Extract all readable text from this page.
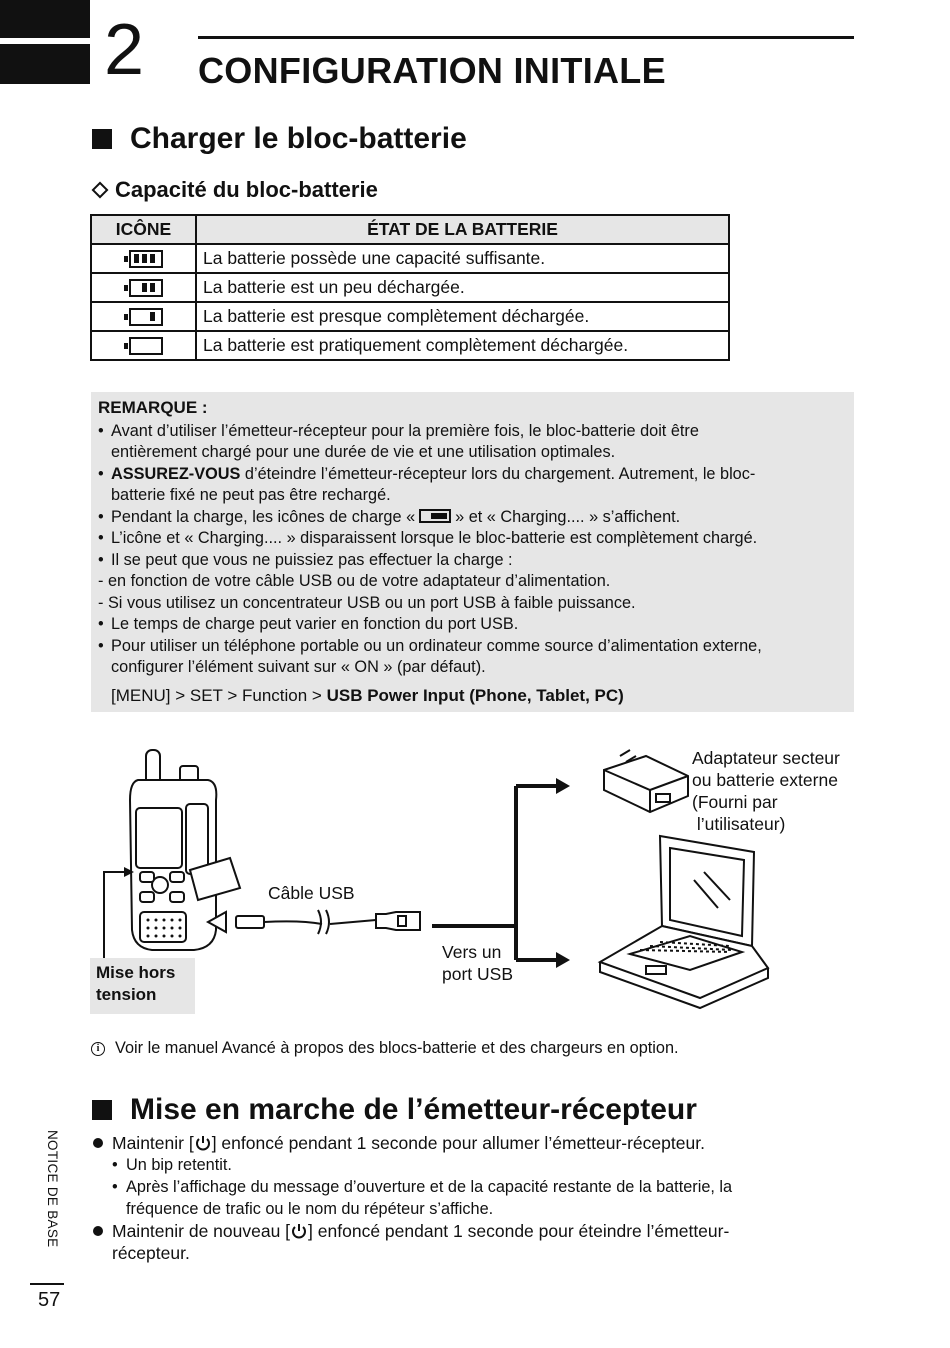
2 CONFIGURATION INITIALE
Charger le bloc-batterie
Capacité du bloc-batterie
ICÔNE	ÉTAT DE LA BATTERIE

	La batterie possède une capacité suffisante.

	La batterie est un peu déchargée.

	La batterie est presque complètement déchargée.
	La batterie est pratiquement complètement déchargée.
REMARQUE :
• Avant d’utiliser l’émetteur-récepteur pour la première fois, le bloc-batterie doit être
entièrement chargé pour une durée de vie et une utilisation optimales.
• ASSUREZ-VOUS d’éteindre l’émetteur-récepteur lors du chargement. Autrement, le bloc-
batterie fixé ne peut pas être rechargé.
• Pendant la charge, les icônes de charge « » et « Charging.... » s’affichent.
• L’icône et « Charging.... » disparaissent lorsque le bloc-batterie est complètement chargé.
• Il se peut que vous ne puissiez pas effectuer la charge :
- en fonction de votre câble USB ou de votre adaptateur d’alimentation.
- Si vous utilisez un concentrateur USB ou un port USB à faible puissance.
• Le temps de charge peut varier en fonction du port USB.
• Pour utiliser un téléphone portable ou un ordinateur comme source d’alimentation externe,
configurer l’élément suivant sur « ON » (par défaut).
[MENU] > SET > Function > USB Power Input (Phone, Tablet, PC)
Adaptateur secteur
ou batterie externe
(Fourni par
l’utilisateur)
Câble USB
Vers un
port USB
Mise hors
tension
i Voir le manuel Avancé à propos des blocs-batterie et des chargeurs en option.
Mise en marche de l’émetteur-récepteur
Maintenir [ ] enfoncé pendant 1 seconde pour allumer l’émetteur-récepteur.
• Un bip retentit.
• Après l’affichage du message d’ouverture et de la capacité restante de la batterie, la
fréquence de trafic ou le nom du répéteur s’affiche.
Maintenir de nouveau [ ] enfoncé pendant 1 seconde pour éteindre l’émetteur-
récepteur.
NOTICE DE BASE
57
